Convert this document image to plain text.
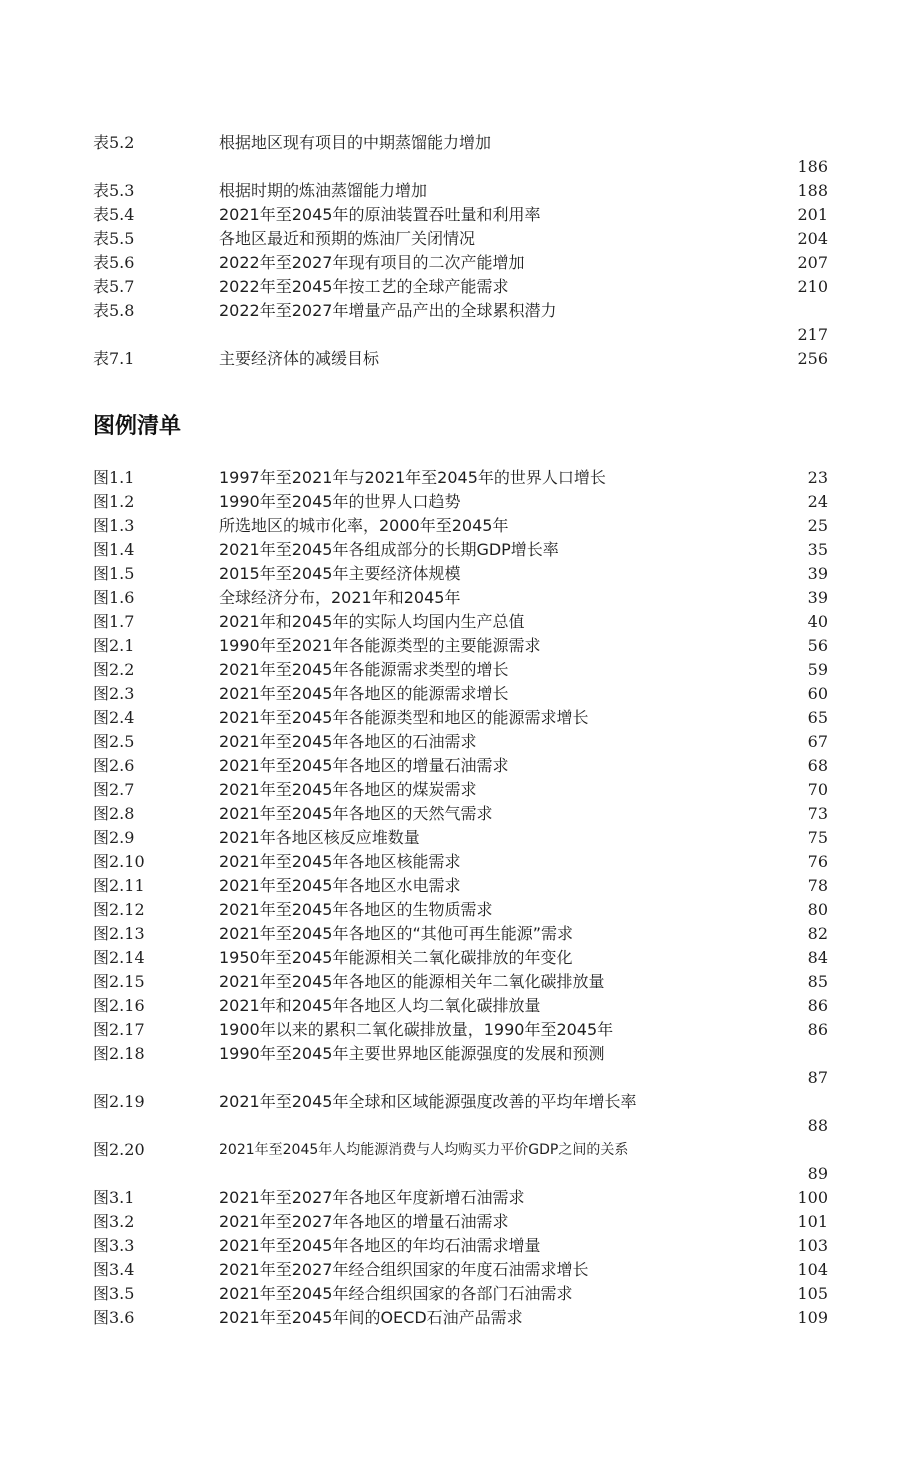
表5.2	根据地区现有项目的中期蒸馏能力增加
186
表5.3	根据时期的炼油蒸馏能力增加	188
表5.4	2021年至2045年的原油装置吞吐量和利用率	201
表5.5	各地区最近和预期的炼油厂关闭情况	204
表5.6	2022年至2027年现有项目的二次产能增加	207
表5.7	2022年至2045年按工艺的全球产能需求	210
表5.8	2022年至2027年增量产品产出的全球累积潜力
217
表7.1	主要经济体的减缓目标	256
图例清单
图1.1	1997年至2021年与2021年至2045年的世界人口增长	23
图1.2	1990年至2045年的世界人口趋势	24
图1.3	所选地区的城市化率，2000年至2045年	25
图1.4	2021年至2045年各组成部分的长期GDP增长率	35
图1.5	2015年至2045年主要经济体规模	39
图1.6	全球经济分布，2021年和2045年	39
图1.7	2021年和2045年的实际人均国内生产总值	40
图2.1	1990年至2021年各能源类型的主要能源需求	56
图2.2	2021年至2045年各能源需求类型的增长	59
图2.3	2021年至2045年各地区的能源需求增长	60
图2.4	2021年至2045年各能源类型和地区的能源需求增长	65
图2.5	2021年至2045年各地区的石油需求	67
图2.6	2021年至2045年各地区的增量石油需求	68
图2.7	2021年至2045年各地区的煤炭需求	70
图2.8	2021年至2045年各地区的天然气需求	73
图2.9	2021年各地区核反应堆数量	75
图2.10	2021年至2045年各地区核能需求	76
图2.11	2021年至2045年各地区水电需求	78
图2.12	2021年至2045年各地区的生物质需求	80
图2.13	2021年至2045年各地区的“其他可再生能源”需求	82
图2.14	1950年至2045年能源相关二氧化碳排放的年变化	84
图2.15	2021年至2045年各地区的能源相关年二氧化碳排放量	85
图2.16	2021年和2045年各地区人均二氧化碳排放量	86
图2.17	1900年以来的累积二氧化碳排放量，1990年至2045年	86
图2.18	1990年至2045年主要世界地区能源强度的发展和预测
87
图2.19	2021年至2045年全球和区域能源强度改善的平均年增长率
88
图2.20	2021年至2045年人均能源消费与人均购买力平价GDP之间的关系
89
图3.1	2021年至2027年各地区年度新增石油需求	100
图3.2	2021年至2027年各地区的增量石油需求	101
图3.3	2021年至2045年各地区的年均石油需求增量	103
图3.4	2021年至2027年经合组织国家的年度石油需求增长	104
图3.5	2021年至2045年经合组织国家的各部门石油需求	105
图3.6	2021年至2045年间的OECD石油产品需求	109
